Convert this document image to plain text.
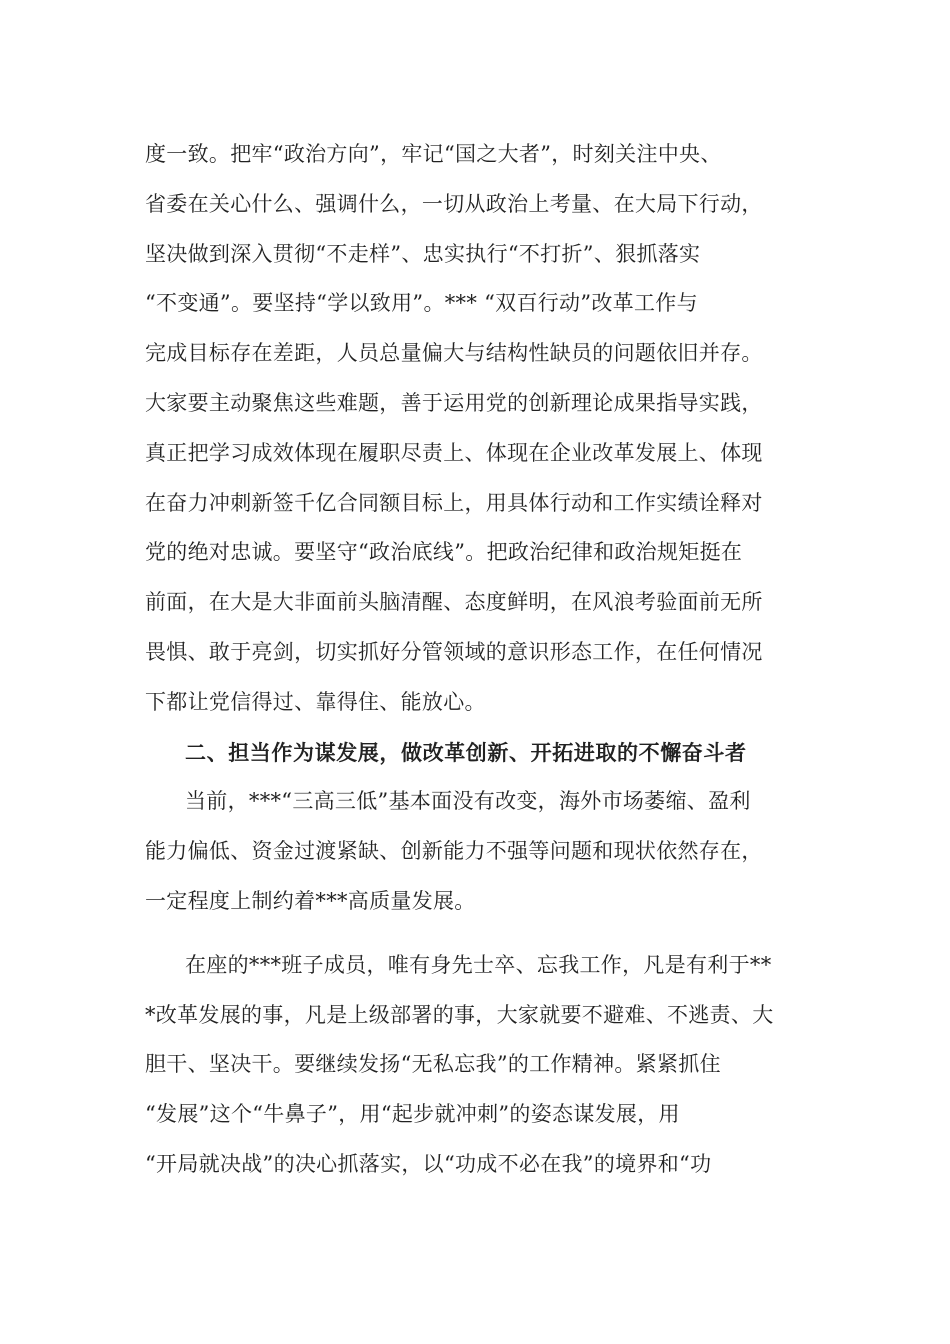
度一致。把牢“政治方向”，牢记“国之大者”，时刻关注中央、
省委在关心什么、强调什么，一切从政治上考量、在大局下行动，
坚决做到深入贯彻“不走样”、忠实执行“不打折”、狠抓落实
“不变通”。要坚持“学以致用”。*** “双百行动”改革工作与
完成目标存在差距，人员总量偏大与结构性缺员的问题依旧并存。
大家要主动聚焦这些难题，善于运用党的创新理论成果指导实践，
真正把学习成效体现在履职尽责上、体现在企业改革发展上、体现
在奋力冲刺新签千亿合同额目标上，用具体行动和工作实绩诠释对
党的绝对忠诚。要坚守“政治底线”。把政治纪律和政治规矩挺在
前面，在大是大非面前头脑清醒、态度鲜明，在风浪考验面前无所
畏惧、敢于亮剑，切实抓好分管领域的意识形态工作，在任何情况
下都让党信得过、靠得住、能放心。
二、担当作为谋发展，做改革创新、开拓进取的不懈奋斗者
当前，***“三高三低”基本面没有改变，海外市场萎缩、盈利
能力偏低、资金过渡紧缺、创新能力不强等问题和现状依然存在，
一定程度上制约着***高质量发展。
在座的***班子成员，唯有身先士卒、忘我工作，凡是有利于**
*改革发展的事，凡是上级部署的事，大家就要不避难、不逃责、大
胆干、坚决干。要继续发扬“无私忘我”的工作精神。紧紧抓住
“发展”这个“牛鼻子”，用“起步就冲刺”的姿态谋发展，用
“开局就决战”的决心抓落实，以“功成不必在我”的境界和“功
